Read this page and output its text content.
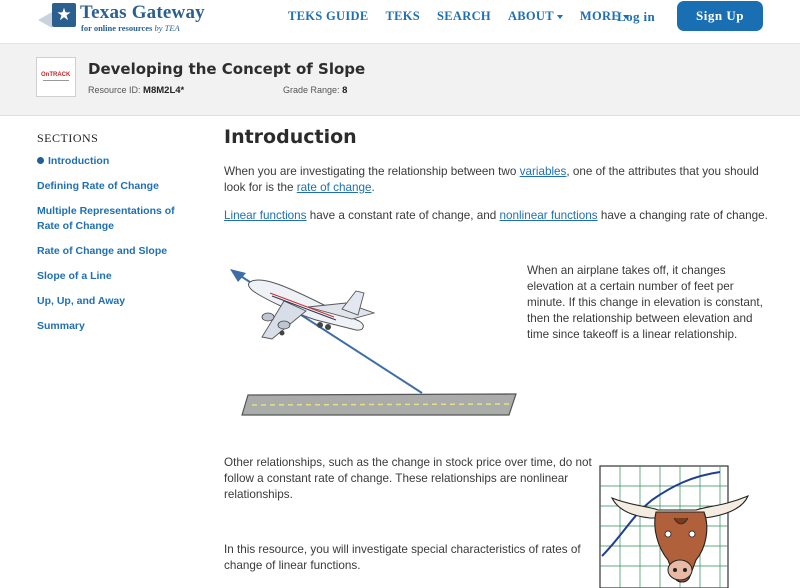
★ Texas Gateway
for online resources by TEA
TEKS GUIDE TEKS SEARCH ABOUT	MORE
Log in	Sign Up
OnTRACK Developing the Concept of Slope
Resource ID: M8M2L4*	Grade Range: 8
SECTIONS
Introduction
Defining Rate of Change
Multiple Representations of Rate of Change
Rate of Change and Slope
Slope of a Line
Up, Up, and Away
Summary
Introduction
When you are investigating the relationship between two variables, one of the attributes that you should look for is the rate of change.
Linear functions have a constant rate of change, and nonlinear functions have a changing rate of change.
When an airplane takes off, it changes elevation at a certain number of feet per minute. If this change in elevation is constant, then the relationship between elevation and time since takeoff is a linear relationship.
Other relationships, such as the change in stock price over time, do not follow a constant rate of change. These relationships are nonlinear relationships.
In this resource, you will investigate special characteristics of rates of change of linear functions.
